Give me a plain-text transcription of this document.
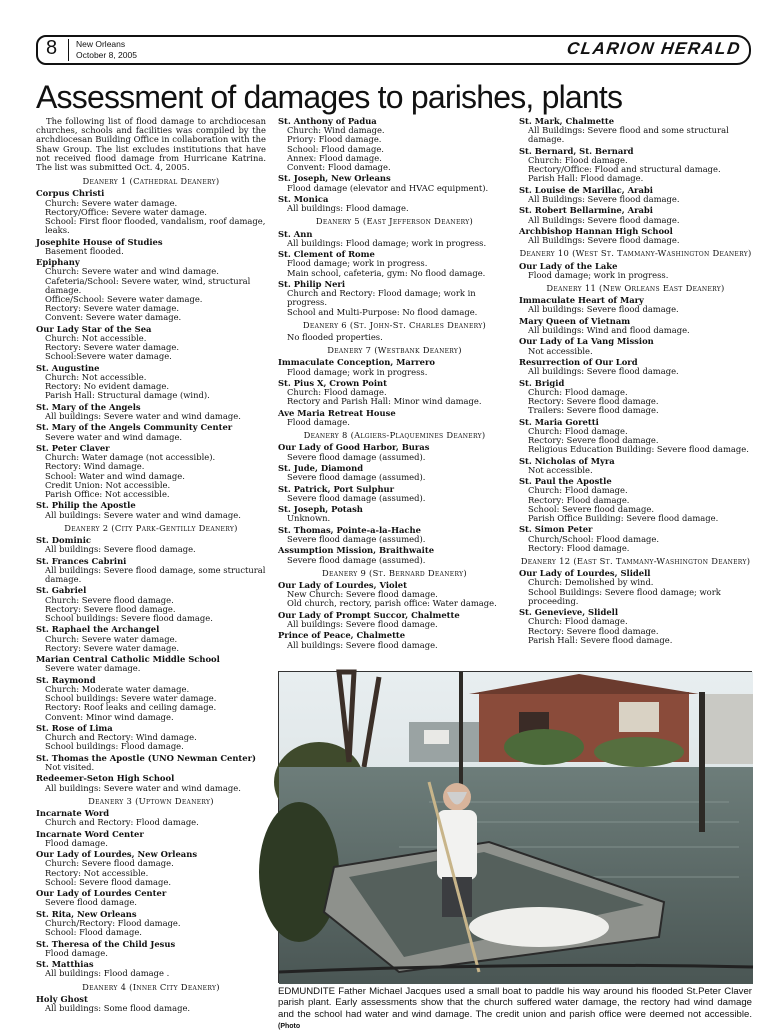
8 New Orleans
October 8, 2005	CLARION HERALD
Assessment of damages to parishes, plants

The following list of flood damage to archdiocesan churches, schools and facilities was compiled by the archdiocesan Building Office in collaboration with the Shaw Group. The list excludes institutions that have not received flood damage from Hurricane Katrina. The list was submitted Oct. 4, 2005.

Deanery 1 (Cathedral Deanery)
Corpus Christi
Church: Severe water damage.
Rectory/Office: Severe water damage.
School: First floor flooded, vandalism, roof damage, leaks.
Josephite House of Studies
Basement flooded.
Epiphany
Church: Severe water and wind damage.
Cafeteria/School: Severe water, wind, structural damage.
Office/School: Severe water damage.
Rectory: Severe water damage.
Convent: Severe water damage.
Our Lady Star of the Sea
Church: Not accessible.
Rectory: Severe water damage.
School:Severe water damage.
St. Augustine
Church: Not accessible.
Rectory: No evident damage.
Parish Hall: Structural damage (wind).
St. Mary of the Angels
All buildings: Severe water and wind damage.
St. Mary of the Angels Community Center
Severe water and wind damage.
St. Peter Claver
Church: Water damage (not accessible).
Rectory: Wind damage.
School: Water and wind damage.
Credit Union: Not accessible.
Parish Office: Not accessible.
St. Philip the Apostle
All buildings: Severe water and wind damage.
Deanery 2 (City Park-Gentilly Deanery)
St. Dominic
All buildings: Severe flood damage.
St. Frances Cabrini
All buildings: Severe flood damage, some structural damage.
St. Gabriel
Church: Severe flood damage.
Rectory: Severe flood damage.
School buildings: Severe flood damage.
St. Raphael the Archangel
Church: Severe water damage.
Rectory: Severe water damage.
Marian Central Catholic Middle School
Severe water damage.
St. Raymond
Church: Moderate water damage.
School buildings: Severe water damage.
Rectory: Roof leaks and ceiling damage.
Convent: Minor wind damage.
St. Rose of Lima
Church and Rectory: Wind damage.
School buildings: Flood damage.
St. Thomas the Apostle (UNO Newman Center)
Not visited.
Redeemer-Seton High School
All buildings: Severe water and wind damage.
Deanery 3 (Uptown Deanery)
Incarnate Word
Church and Rectory: Flood damage.
Incarnate Word Center
Flood damage.
Our Lady of Lourdes, New Orleans
Church: Severe flood damage.
Rectory: Not accessible.
School: Severe flood damage.
Our Lady of Lourdes Center
Severe flood damage.
St. Rita, New Orleans
Church/Rectory: Flood damage.
School: Flood damage.
St. Theresa of the Child Jesus
Flood damage.
St. Matthias
All buildings: Flood damage .
Deanery 4 (Inner City Deanery)
Holy Ghost
All buildings: Some flood damage.
St. Anthony of Padua
Church: Wind damage.
Priory: Flood damage.
School: Flood damage.
Annex: Flood damage.
Convent: Flood damage.
St. Joseph, New Orleans
Flood damage (elevator and HVAC equipment).
St. Monica
All buildings: Flood damage.
Deanery 5 (East Jefferson Deanery)
St. Ann
All buildings: Flood damage; work in progress.
St. Clement of Rome
Flood damage; work in progress.
Main school, cafeteria, gym: No flood damage.
St. Philip Neri
Church and Rectory: Flood damage; work in progress.
School and Multi-Purpose: No flood damage.
Deanery 6 (St. John-St. Charles Deanery)
No flooded properties.
Deanery 7 (Westbank Deanery)
Immaculate Conception, Marrero
Flood damage; work in progress.
St. Pius X, Crown Point
Church: Flood damage.
Rectory and Parish Hall: Minor wind damage.
Ave Maria Retreat House
Flood damage.
Deanery 8 (Algiers-Plaquemines Deanery)
Our Lady of Good Harbor, Buras
Severe flood damage (assumed).
St. Jude, Diamond
Severe flood damage (assumed).
St. Patrick, Port Sulphur
Severe flood damage (assumed).
St. Joseph, Potash
Unknown.
St. Thomas, Pointe-a-la-Hache
Severe flood damage (assumed).
Assumption Mission, Braithwaite
Severe flood damage (assumed).
Deanery 9 (St. Bernard Deanery)
Our Lady of Lourdes, Violet
New Church: Severe flood damage.
Old church, rectory, parish office: Water damage.
Our Lady of Prompt Succor, Chalmette
All buildings: Severe flood damage.
Prince of Peace, Chalmette
All buildings: Severe flood damage.
St. Mark, Chalmette
All Buildings: Severe flood and some structural damage.
St. Bernard, St. Bernard
Church: Flood damage.
Rectory/Office: Flood and structural damage.
Parish Hall: Flood damage.
St. Louise de Marillac, Arabi
All Buildings: Severe flood damage.
St. Robert Bellarmine, Arabi
All Buildings: Severe flood damage.
Archbishop Hannan High School
All Buildings: Severe flood damage.
Deanery 10 (West St. Tammany-Washington Deanery)
Our Lady of the Lake
Flood damage; work in progress.
Deanery 11 (New Orleans East Deanery)
Immaculate Heart of Mary
All buildings: Severe flood damage.
Mary Queen of Vietnam
All buildings: Wind and flood damage.
Our Lady of La Vang Mission
Not accessible.
Resurrection of Our Lord
All buildings: Severe flood damage.
St. Brigid
Church: Flood damage.
Rectory: Severe flood damage.
Trailers: Severe flood damage.
St. Maria Goretti
Church: Flood damage.
Rectory: Severe flood damage.
Religious Education Building: Severe flood damage.
St. Nicholas of Myra
Not accessible.
St. Paul the Apostle
Church: Flood damage.
Rectory: Flood damage.
School: Severe flood damage.
Parish Office Building: Severe flood damage.
St. Simon Peter
Church/School: Flood damage.
Rectory: Flood damage.
Deanery 12 (East St. Tammany-Washington Deanery)
Our Lady of Lourdes, Slidell
Church: Demolished by wind.
School Buildings: Severe flood damage; work proceeding.
St. Genevieve, Slidell
Church: Flood damage.
Rectory: Severe flood damage.
Parish Hall: Severe flood damage.

EDMUNDITE Father Michael Jacques used a small boat to paddle his way around his flooded St.Peter Claver parish plant. Early assessments show that the church suffered water damage, the rectory had wind damage and the school had water and wind damage. The credit union and parish office were deemed not accessible. (Photo
